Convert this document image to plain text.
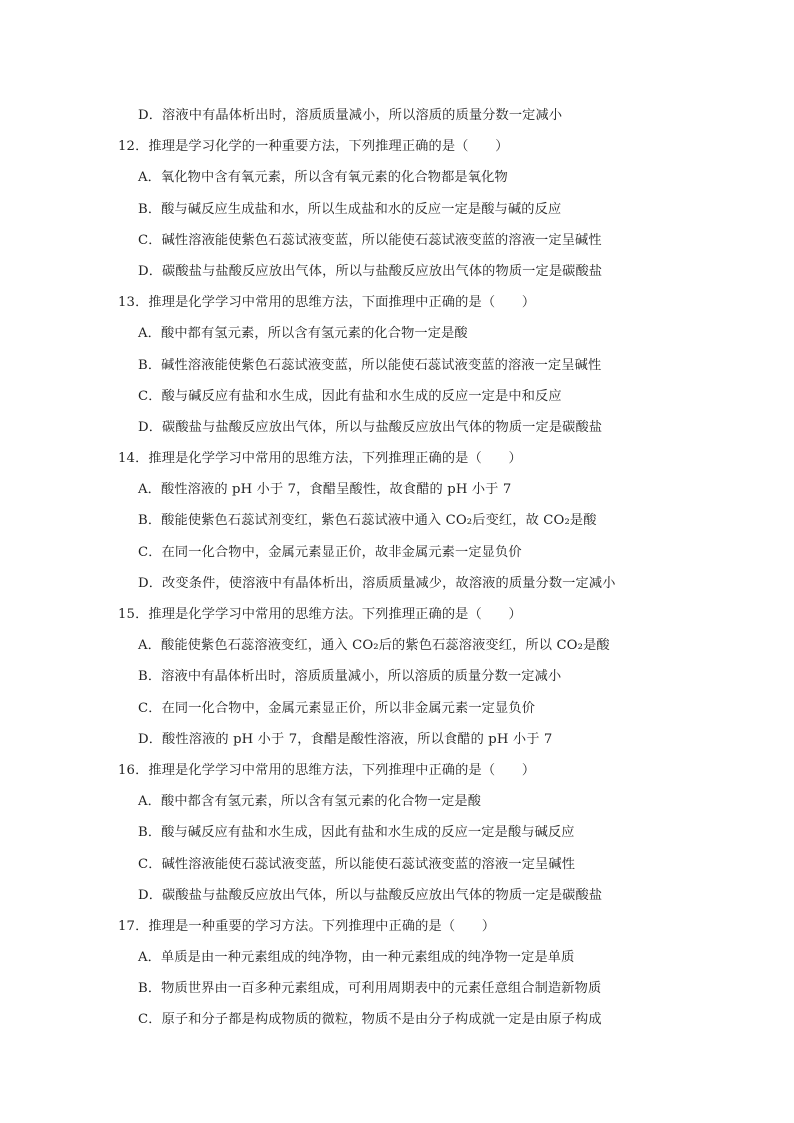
D．溶液中有晶体析出时，溶质质量减小，所以溶质的质量分数一定减小
12．推理是学习化学的一种重要方法，下列推理正确的是（　　）
A．氧化物中含有氧元素，所以含有氧元素的化合物都是氧化物
B．酸与碱反应生成盐和水，所以生成盐和水的反应一定是酸与碱的反应
C．碱性溶液能使紫色石蕊试液变蓝，所以能使石蕊试液变蓝的溶液一定呈碱性
D．碳酸盐与盐酸反应放出气体，所以与盐酸反应放出气体的物质一定是碳酸盐
13．推理是化学学习中常用的思维方法，下面推理中正确的是（　　）
A．酸中都有氢元素，所以含有氢元素的化合物一定是酸
B．碱性溶液能使紫色石蕊试液变蓝，所以能使石蕊试液变蓝的溶液一定呈碱性
C．酸与碱反应有盐和水生成，因此有盐和水生成的反应一定是中和反应
D．碳酸盐与盐酸反应放出气体，所以与盐酸反应放出气体的物质一定是碳酸盐
14．推理是化学学习中常用的思维方法，下列推理正确的是（　　）
A．酸性溶液的 pH 小于 7，食醋呈酸性，故食醋的 pH 小于 7
B．酸能使紫色石蕊试剂变红，紫色石蕊试液中通入 CO₂后变红，故 CO₂是酸
C．在同一化合物中，金属元素显正价，故非金属元素一定显负价
D．改变条件，使溶液中有晶体析出，溶质质量减少，故溶液的质量分数一定减小
15．推理是化学学习中常用的思维方法。下列推理正确的是（　　）
A．酸能使紫色石蕊溶液变红，通入 CO₂后的紫色石蕊溶液变红，所以 CO₂是酸
B．溶液中有晶体析出时，溶质质量减小，所以溶质的质量分数一定减小
C．在同一化合物中，金属元素显正价，所以非金属元素一定显负价
D．酸性溶液的 pH 小于 7，食醋是酸性溶液，所以食醋的 pH 小于 7
16．推理是化学学习中常用的思维方法，下列推理中正确的是（　　）
A．酸中都含有氢元素，所以含有氢元素的化合物一定是酸
B．酸与碱反应有盐和水生成，因此有盐和水生成的反应一定是酸与碱反应
C．碱性溶液能使石蕊试液变蓝，所以能使石蕊试液变蓝的溶液一定呈碱性
D．碳酸盐与盐酸反应放出气体，所以与盐酸反应放出气体的物质一定是碳酸盐
17．推理是一种重要的学习方法。下列推理中正确的是（　　）
A．单质是由一种元素组成的纯净物，由一种元素组成的纯净物一定是单质
B．物质世界由一百多种元素组成，可利用周期表中的元素任意组合制造新物质
C．原子和分子都是构成物质的微粒，物质不是由分子构成就一定是由原子构成
